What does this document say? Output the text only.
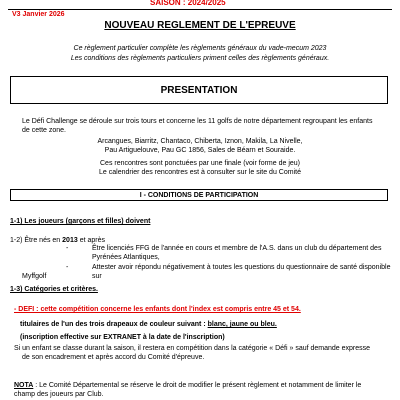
SAISON : 2024/2025
V3 Janvier 2026
NOUVEAU REGLEMENT DE L'EPREUVE
Ce règlement particulier complète les règlements généraux du vade-mecum 2023
Les conditions des règlements particuliers priment celles des règlements généraux.
PRESENTATION
Le Défi Challenge se déroule sur trois tours et concerne les 11 golfs de notre département regroupant les enfants
de cette zone.
Arcangues, Biarritz, Chantaco, Chiberta, Iznon, Makila, La Nivelle,
Pau Artiguelouve, Pau GC 1856, Sales de Béarn et Souraide.
Ces rencontres sont ponctuées par une finale (voir forme de jeu)
Le calendrier des rencontres est à consulter sur le site du Comité
I - CONDITIONS DE PARTICIPATION
1-1) Les joueurs (garçons et filles) doivent
1-2) Être nés en 2013 et après
-	Être licenciés FFG de l'année en cours et membre de l'A.S. dans un club du département des
Pyrénées Atlantiques,
-	Attester avoir répondu négativement à toutes les questions du questionnaire de santé disponible sur
Myffgolf
1-3) Catégories et critères.
- DEFI : cette compétition concerne les enfants dont l'index est compris entre 45 et 54.
titulaires de l'un des trois drapeaux de couleur suivant : blanc, jaune ou bleu.
(inscription effective sur EXTRANET à la date de l'inscription)
Si un enfant se classe durant la saison, il restera en compétition dans la catégorie « Défi » sauf demande expresse
de son encadrement et après accord du Comité d'épreuve.
NOTA : Le Comité Départemental se réserve le droit de modifier le présent règlement et notamment de limiter le
champ des joueurs par Club.
